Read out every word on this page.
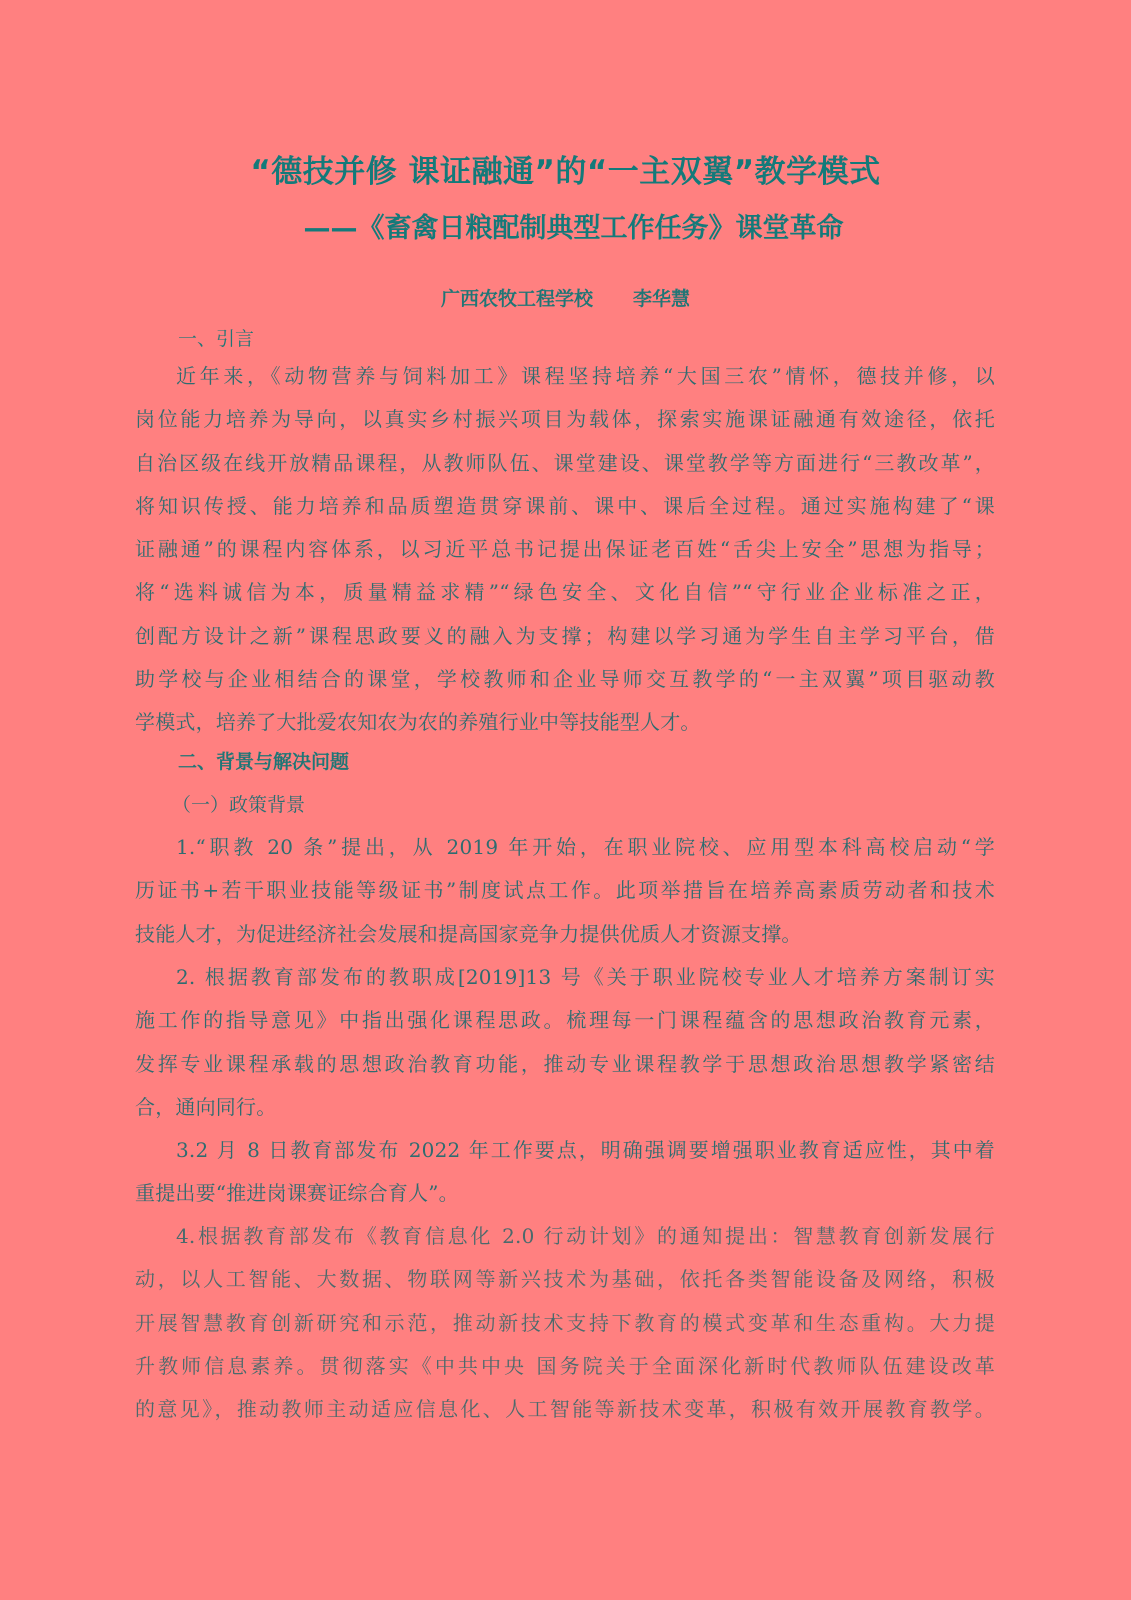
“德技并修 课证融通”的“一主双翼”教学模式
——《畜禽日粮配制典型工作任务》课堂革命
广西农牧工程学校 李华慧
一、引言
近年来，《动物营养与饲料加工》课程坚持培养“大国三农”情怀，德技并修，以
岗位能力培养为导向，以真实乡村振兴项目为载体，探索实施课证融通有效途径，依托
自治区级在线开放精品课程，从教师队伍、课堂建设、课堂教学等方面进行“三教改革”，
将知识传授、能力培养和品质塑造贯穿课前、课中、课后全过程。通过实施构建了“课
证融通”的课程内容体系，以习近平总书记提出保证老百姓“舌尖上安全”思想为指导；
将“选料诚信为本，质量精益求精”“绿色安全、文化自信”“守行业企业标准之正，
创配方设计之新”课程思政要义的融入为支撑；构建以学习通为学生自主学习平台，借
助学校与企业相结合的课堂，学校教师和企业导师交互教学的“一主双翼”项目驱动教
学模式，培养了大批爱农知农为农的养殖行业中等技能型人才。
二、背景与解决问题
（一）政策背景
1.“职教 20 条”提出，从 2019 年开始，在职业院校、应用型本科高校启动“学
历证书+若干职业技能等级证书”制度试点工作。此项举措旨在培养高素质劳动者和技术
技能人才，为促进经济社会发展和提高国家竞争力提供优质人才资源支撑。
2. 根据教育部发布的教职成[2019]13 号《关于职业院校专业人才培养方案制订实
施工作的指导意见》中指出强化课程思政。梳理每一门课程蕴含的思想政治教育元素，
发挥专业课程承载的思想政治教育功能，推动专业课程教学于思想政治思想教学紧密结
合，通向同行。
3.2 月 8 日教育部发布 2022 年工作要点，明确强调要增强职业教育适应性，其中着
重提出要“推进岗课赛证综合育人”。
4.根据教育部发布《教育信息化 2.0 行动计划》的通知提出：智慧教育创新发展行
动，以人工智能、大数据、物联网等新兴技术为基础，依托各类智能设备及网络，积极
开展智慧教育创新研究和示范，推动新技术支持下教育的模式变革和生态重构。大力提
升教师信息素养。贯彻落实《中共中央 国务院关于全面深化新时代教师队伍建设改革
的意见》，推动教师主动适应信息化、人工智能等新技术变革，积极有效开展教育教学。
